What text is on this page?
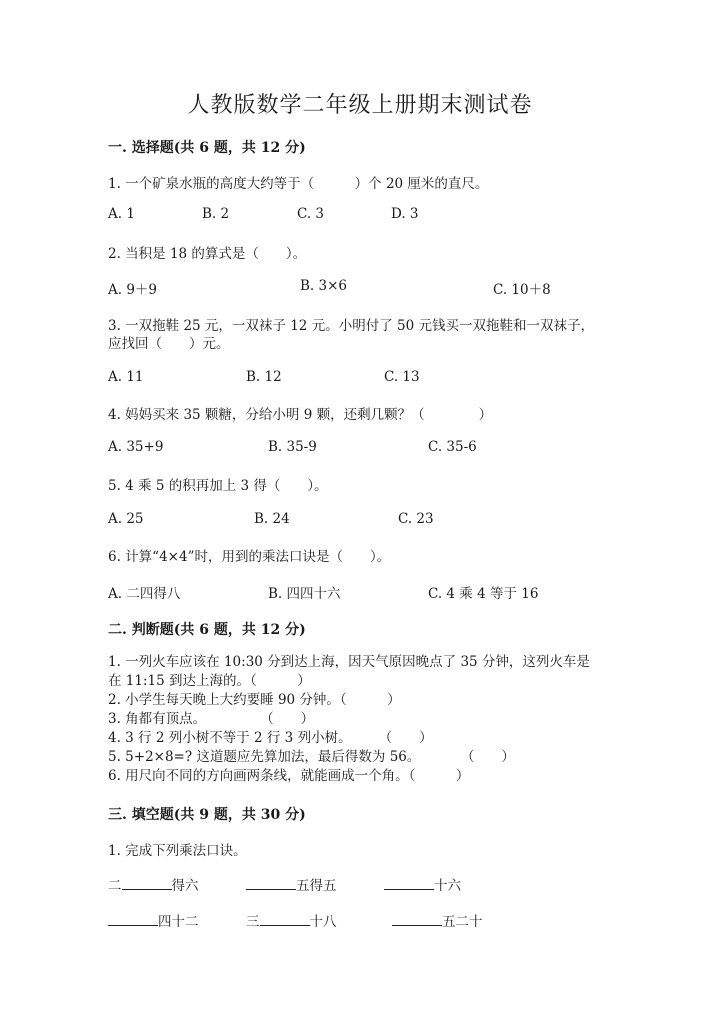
人教版数学二年级上册期末测试卷
一. 选择题(共 6 题，共 12 分)
1. 一个矿泉水瓶的高度大约等于（　　　）个 20 厘米的直尺。
A. 1	B. 2	C. 3	D. 3
2. 当积是 18 的算式是（　　）。
A. 9＋9	B. 3×6	C. 10＋8
3. 一双拖鞋 25 元，一双袜子 12 元。小明付了 50 元钱买一双拖鞋和一双袜子，
应找回（　　）元。
A. 11	B. 12	C. 13
4. 妈妈买来 35 颗糖，分给小明 9 颗，还剩几颗？（　　　　）
A. 35+9	B. 35-9	C. 35-6
5. 4 乘 5 的积再加上 3 得（　　）。
A. 25	B. 24	C. 23
6. 计算“4×4”时，用到的乘法口诀是（　　）。
A. 二四得八	B. 四四十六	C. 4 乘 4 等于 16
二. 判断题(共 6 题，共 12 分)
1. 一列火车应该在 10:30 分到达上海，因天气原因晚点了 35 分钟，这列火车是
在 11:15 到达上海的。（　　　）
2. 小学生每天晚上大约要睡 90 分钟。（　　　）
3. 角都有顶点。　　　　　（　　）
4. 3 行 2 列小树不等于 2 行 3 列小树。　　　（　　）
5. 5+2×8=? 这道题应先算加法，最后得数为 56。　　　　（　　）
6. 用尺向不同的方向画两条线，就能画成一个角。（　　　）
三. 填空题(共 9 题，共 30 分)
1. 完成下列乘法口诀。
二	得六	五得五	十六
四十二	三	十八	五二十
